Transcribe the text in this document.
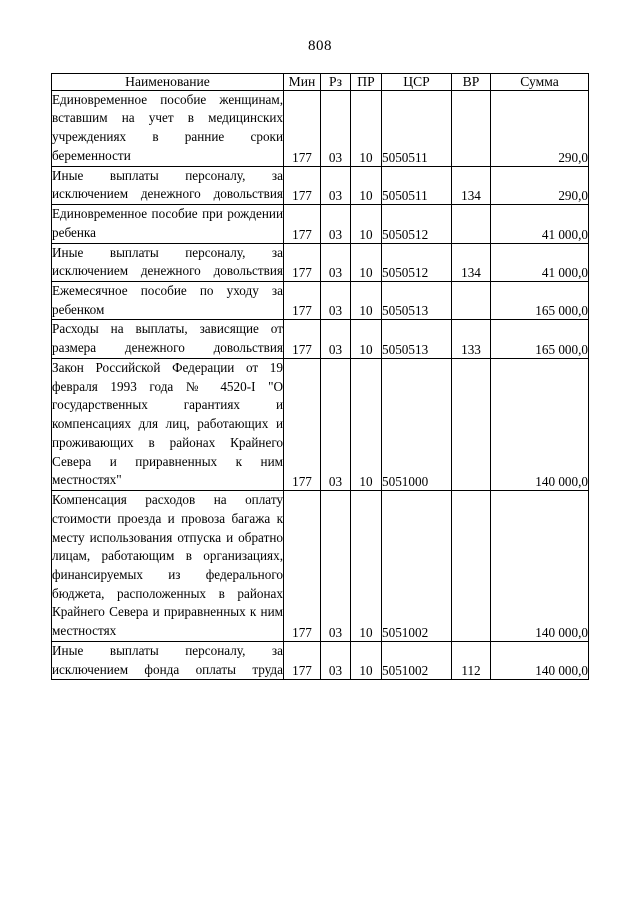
808
Наименование	Мин	Рз	ПР	ЦСР	ВР	Сумма
Единовременное пособие женщинам, вставшим на учет в медицинских учреждениях в ранние сроки беременности	177	03	10	5050511		290,0
Иные выплаты персоналу, за исключением денежного довольствия	177	03	10	5050511	134	290,0
Единовременное пособие при рождении ребенка	177	03	10	5050512		41 000,0
Иные выплаты персоналу, за исключением денежного довольствия	177	03	10	5050512	134	41 000,0
Ежемесячное пособие по уходу за ребенком	177	03	10	5050513		165 000,0
Расходы на выплаты, зависящие от размера денежного довольствия	177	03	10	5050513	133	165 000,0
Закон Российской Федерации от 19 февраля 1993 года № 4520-I "О государственных гарантиях и компенсациях для лиц, работающих и проживающих в районах Крайнего Севера и приравненных к ним местностях"	177	03	10	5051000		140 000,0
Компенсация расходов на оплату стоимости проезда и провоза багажа к месту использования отпуска и обратно лицам, работающим в организациях, финансируемых из федерального бюджета, расположенных в районах Крайнего Севера и приравненных к ним местностях	177	03	10	5051002		140 000,0
Иные выплаты персоналу, за исключением фонда оплаты труда	177	03	10	5051002	112	140 000,0
